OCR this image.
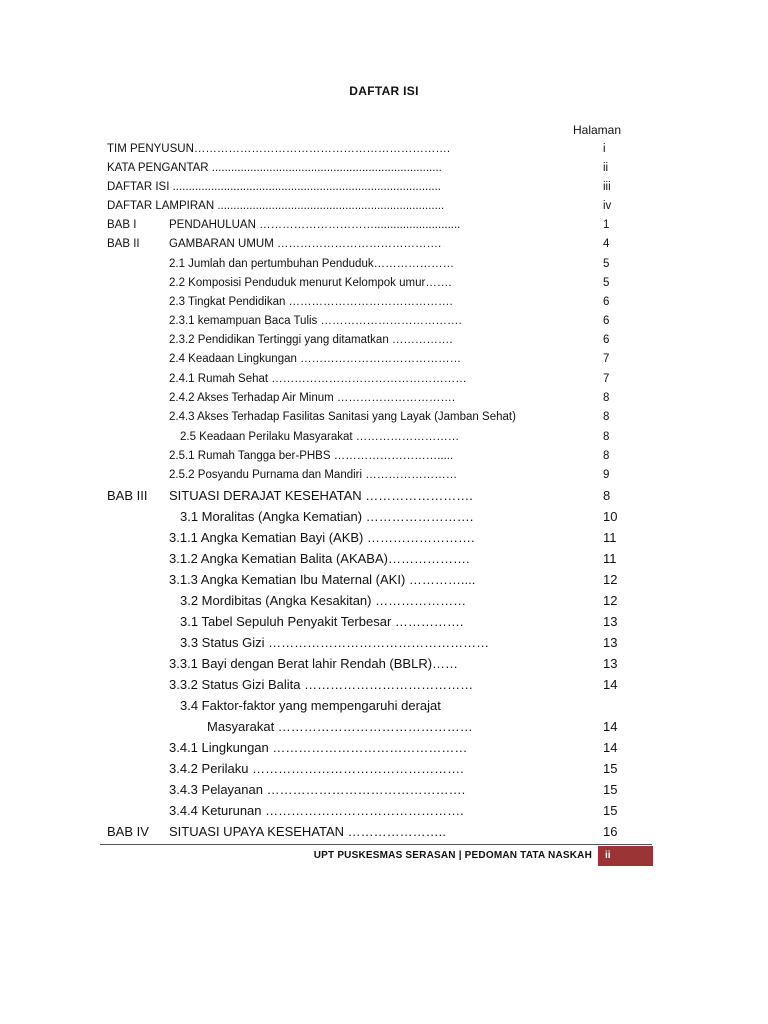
DAFTAR ISI
Halaman
TIM PENYUSUN………………………………………………………….	i
KATA PENGANTAR ........................................................................	ii
DAFTAR ISI ....................................................................................	iii
DAFTAR LAMPIRAN .......................................................................	iv
BAB I	PENDAHULUAN …………………………...........................	1
BAB II	GAMBARAN UMUM …………………………………….	4
2.1 Jumlah dan pertumbuhan Penduduk…………………	5
2.2 Komposisi Penduduk menurut Kelompok umur…….	5
2.3 Tingkat Pendidikan …………………………………….	6
2.3.1 kemampuan Baca Tulis ……………………………….	6
2.3.2 Pendidikan Tertinggi yang ditamatkan …………….	6
2.4 Keadaan Lingkungan ……………………………………	7
2.4.1 Rumah Sehat ……………………………………………	7
2.4.2 Akses Terhadap Air Minum ………………………….	8
2.4.3 Akses Terhadap Fasilitas Sanitasi yang Layak (Jamban Sehat)	8
2.5 Keadaan Perilaku Masyarakat ………………………	8
2.5.1 Rumah Tangga ber-PHBS ……………………….....	8
2.5.2 Posyandu Purnama dan Mandiri ……………………	9
BAB III SITUASI DERAJAT KESEHATAN …………………….	8
3.1 Moralitas (Angka Kematian) …………………….	10
3.1.1 Angka Kematian Bayi (AKB) …………………….	11
3.1.2 Angka Kematian Balita (AKABA)……………….	11
3.1.3 Angka Kematian Ibu Maternal (AKI) …………....	12
3.2 Mordibitas (Angka Kesakitan) …………………	12
3.1 Tabel Sepuluh Penyakit Terbesar …………….	13
3.3 Status Gizi ……………………………………………	13
3.3.1 Bayi dengan Berat lahir Rendah (BBLR)……	13
3.3.2 Status Gizi Balita …………………………………	14
3.4 Faktor-faktor yang mempengaruhi derajat
Masyarakat ………………………………………	14
3.4.1 Lingkungan ………………………………………	14
3.4.2 Perilaku ………………………………………….	15
3.4.3 Pelayanan ……………………………………….	15
3.4.4 Keturunan ……………………………………….	15
BAB IV SITUASI UPAYA KESEHATAN …………………..	16
UPT PUSKESMAS SERASAN | PEDOMAN TATA NASKAH	ii
